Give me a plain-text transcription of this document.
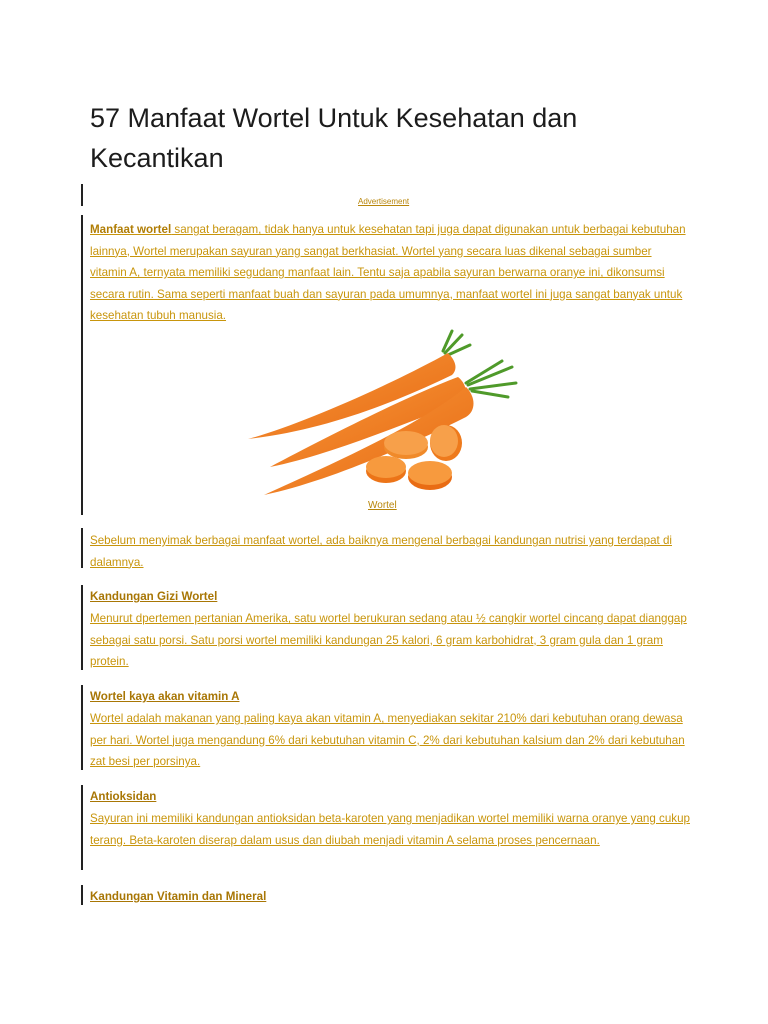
57 Manfaat Wortel Untuk Kesehatan dan Kecantikan
Advertisement
Manfaat wortel sangat beragam, tidak hanya untuk kesehatan tapi juga dapat digunakan untuk berbagai kebutuhan lainnya, Wortel merupakan sayuran yang sangat berkhasiat. Wortel yang secara luas dikenal sebagai sumber vitamin A, ternyata memiliki segudang manfaat lain. Tentu saja apabila sayuran berwarna oranye ini, dikonsumsi secara rutin. Sama seperti manfaat buah dan sayuran pada umumnya, manfaat wortel ini juga sangat banyak untuk kesehatan tubuh manusia.
Wortel
Sebelum menyimak berbagai manfaat wortel, ada baiknya mengenal berbagai kandungan nutrisi yang terdapat di dalamnya.
Kandungan Gizi Wortel
Menurut dpertemen pertanian Amerika, satu wortel berukuran sedang atau ½ cangkir wortel cincang dapat dianggap sebagai satu porsi. Satu porsi wortel memiliki kandungan 25 kalori, 6 gram karbohidrat, 3 gram gula dan 1 gram protein.
Wortel kaya akan vitamin A
Wortel adalah makanan yang paling kaya akan vitamin A, menyediakan sekitar 210% dari kebutuhan orang dewasa per hari. Wortel juga mengandung 6% dari kebutuhan vitamin C, 2% dari kebutuhan kalsium dan 2% dari kebutuhan zat besi per porsinya.
Antioksidan
Sayuran ini memiliki kandungan antioksidan beta-karoten yang menjadikan wortel memiliki warna oranye yang cukup terang. Beta-karoten diserap dalam usus dan diubah menjadi vitamin A selama proses pencernaan.
Kandungan Vitamin dan Mineral
